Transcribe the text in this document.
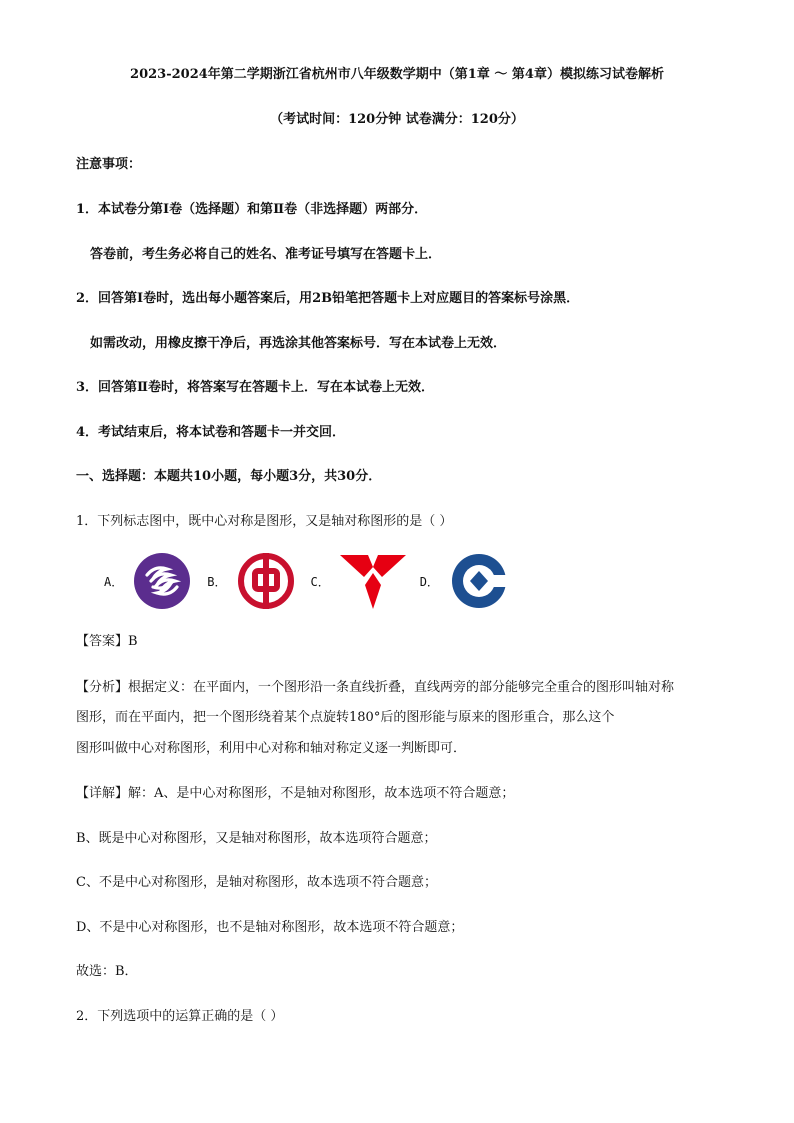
2023-2024年第二学期浙江省杭州市八年级数学期中（第1章 ～ 第4章）模拟练习试卷解析
（考试时间：120分钟 试卷满分：120分）
注意事项：
1．本试卷分第Ⅰ卷（选择题）和第Ⅱ卷（非选择题）两部分．
答卷前，考生务必将自己的姓名、准考证号填写在答题卡上．
2．回答第Ⅰ卷时，选出每小题答案后，用2B铅笔把答题卡上对应题目的答案标号涂黑．
如需改动，用橡皮擦干净后，再选涂其他答案标号．写在本试卷上无效．
3．回答第Ⅱ卷时，将答案写在答题卡上．写在本试卷上无效．
4．考试结束后，将本试卷和答题卡一并交回．
一、选择题：本题共10小题，每小题3分，共30分．
1．下列标志图中，既中心对称是图形，又是轴对称图形的是（ ）
A．	B．	C．	D．
【答案】B
【分析】根据定义：在平面内，一个图形沿一条直线折叠，直线两旁的部分能够完全重合的图形叫轴对称
图形，而在平面内，把一个图形绕着某个点旋转180°后的图形能与原来的图形重合，那么这个
图形叫做中心对称图形，利用中心对称和轴对称定义逐一判断即可．
【详解】解：A、是中心对称图形，不是轴对称图形，故本选项不符合题意；
B、既是中心对称图形，又是轴对称图形，故本选项符合题意；
C、不是中心对称图形，是轴对称图形，故本选项不符合题意；
D、不是中心对称图形，也不是轴对称图形，故本选项不符合题意；
故选：B．
2．下列选项中的运算正确的是（ ）
